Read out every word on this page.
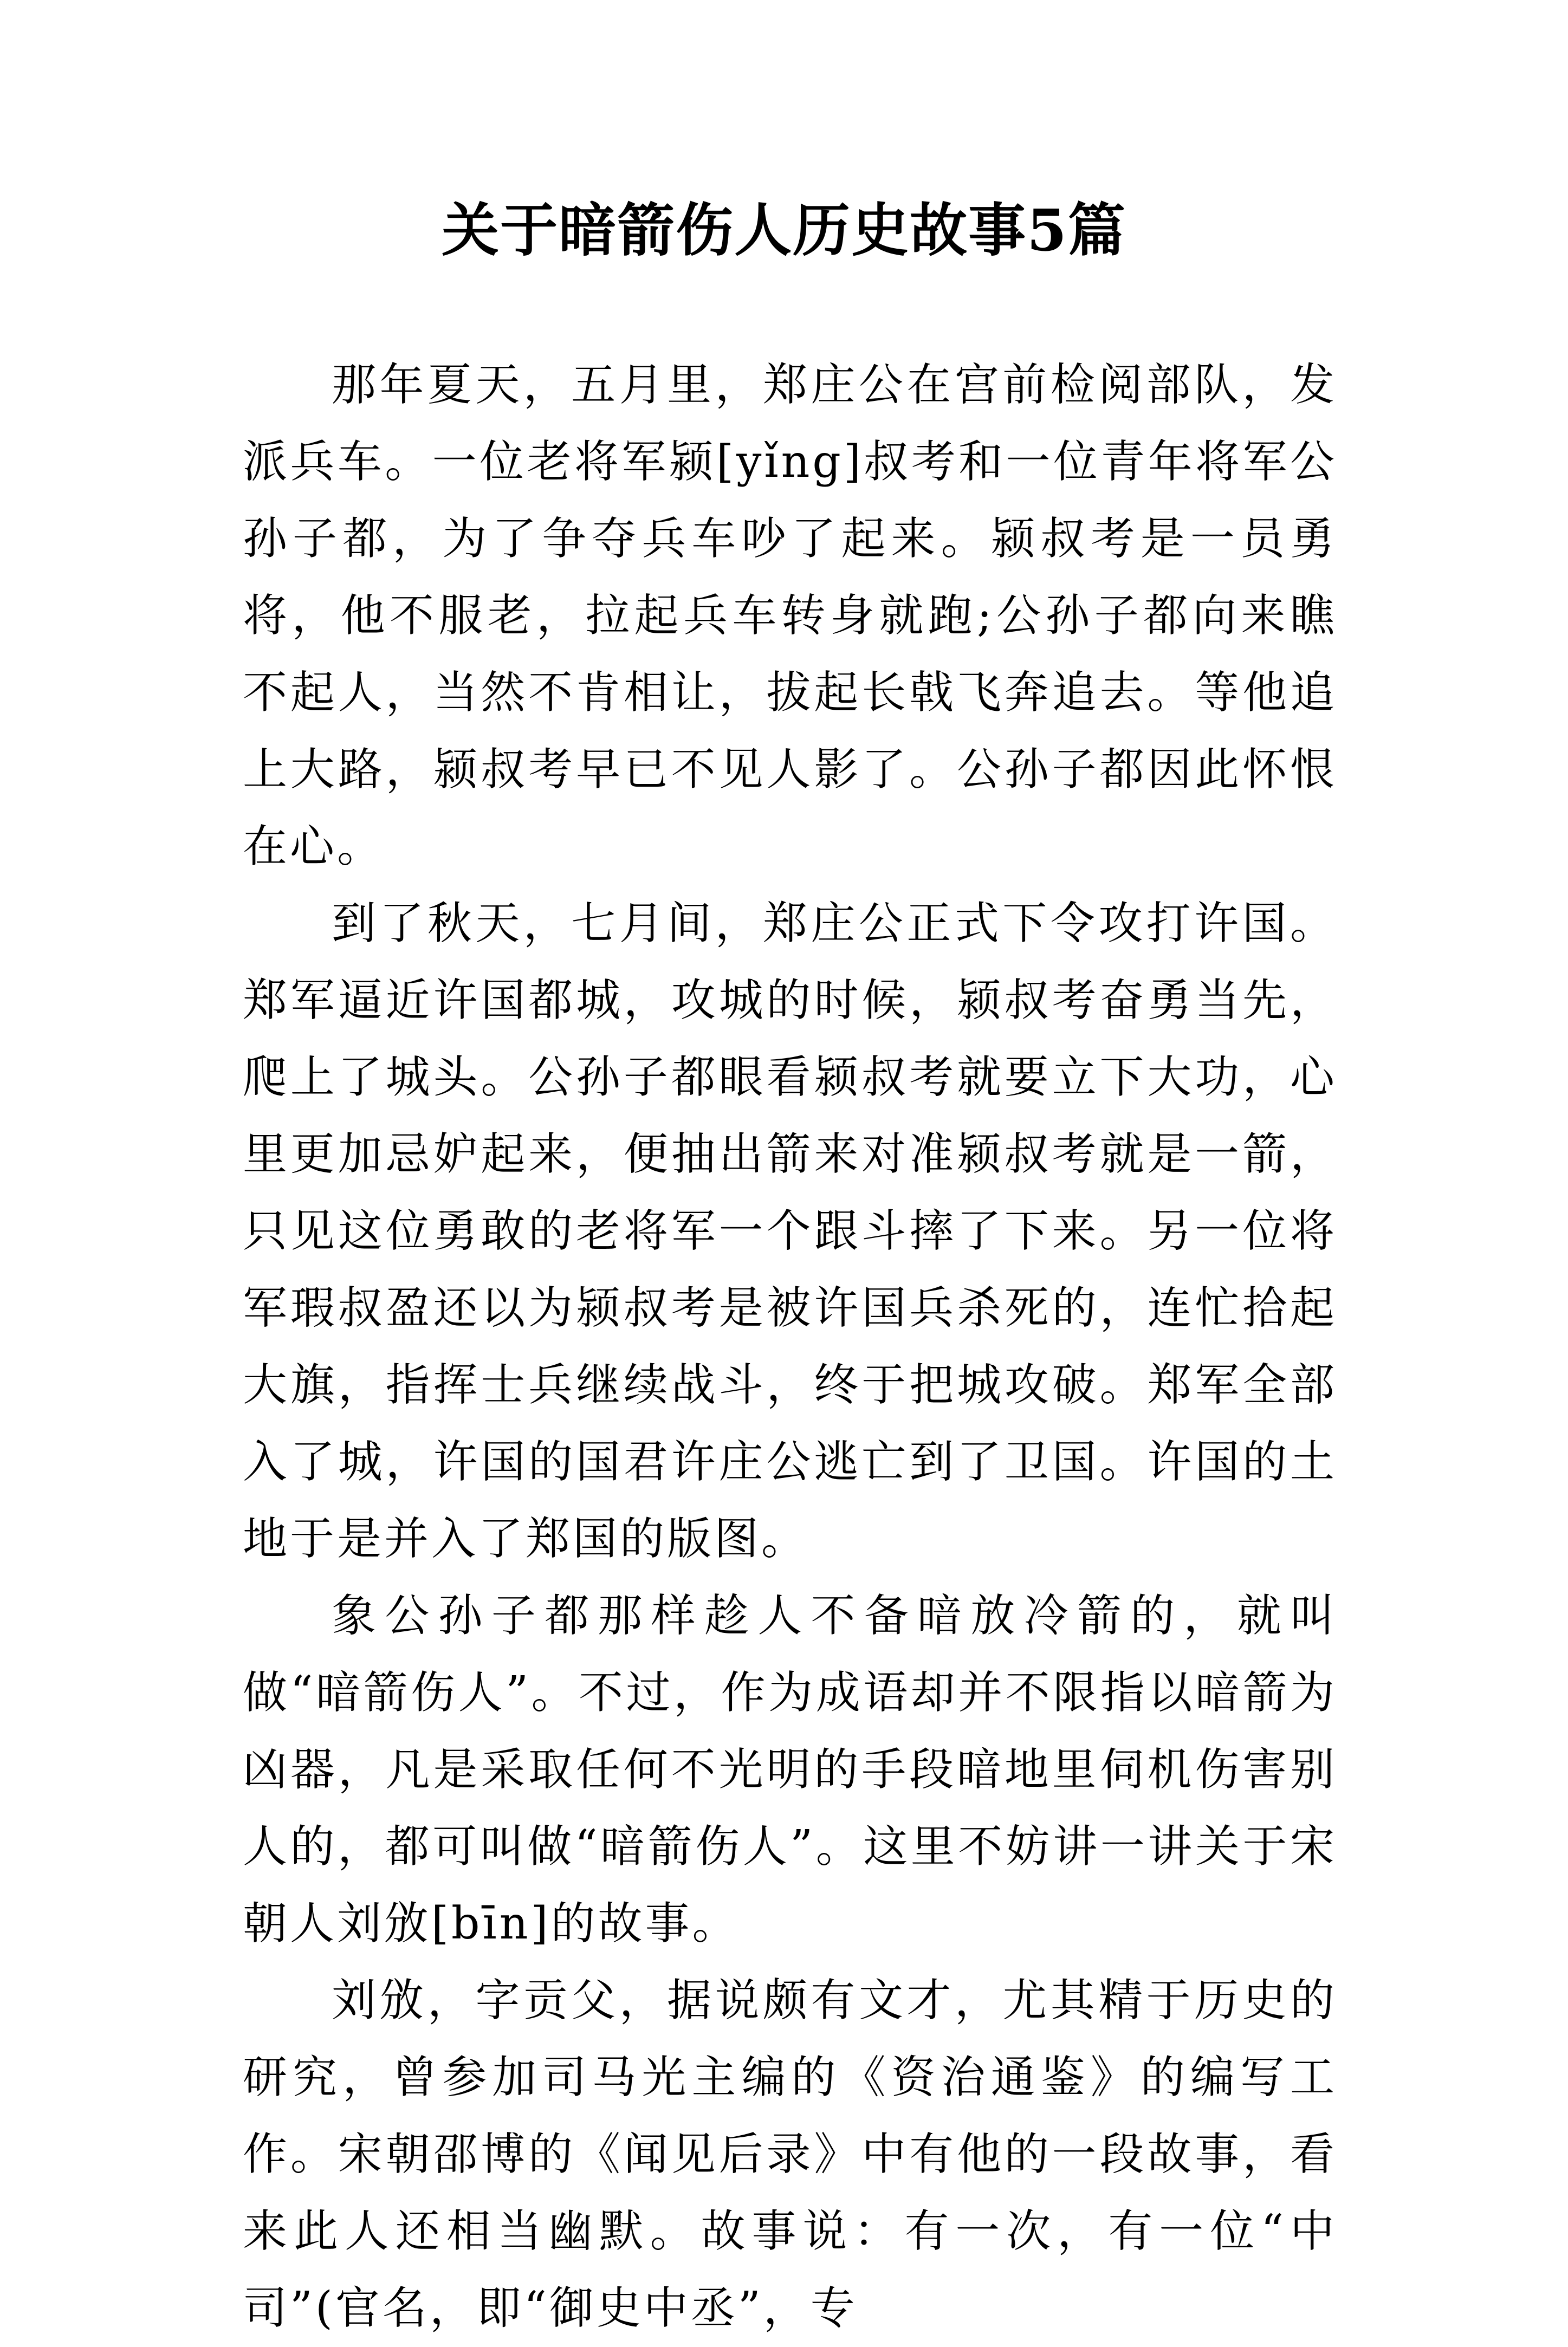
关于暗箭伤人历史故事5篇

那年夏天，五月里，郑庄公在宫前检阅部队，发派兵车。一位老将军颍[yǐng]叔考和一位青年将军公孙子都，为了争夺兵车吵了起来。颍叔考是一员勇将，他不服老，拉起兵车转身就跑;公孙子都向来瞧不起人，当然不肯相让，拔起长戟飞奔追去。等他追上大路，颍叔考早已不见人影了。公孙子都因此怀恨在心。

到了秋天，七月间，郑庄公正式下令攻打许国。郑军逼近许国都城，攻城的时候，颍叔考奋勇当先，爬上了城头。公孙子都眼看颍叔考就要立下大功，心里更加忌妒起来，便抽出箭来对准颍叔考就是一箭，只见这位勇敢的老将军一个跟斗摔了下来。另一位将军瑕叔盈还以为颍叔考是被许国兵杀死的，连忙拾起大旗，指挥士兵继续战斗，终于把城攻破。郑军全部入了城，许国的国君许庄公逃亡到了卫国。许国的土地于是并入了郑国的版图。

象公孙子都那样趁人不备暗放冷箭的，就叫做“暗箭伤人”。不过，作为成语却并不限指以暗箭为凶器，凡是采取任何不光明的手段暗地里伺机伤害别人的，都可叫做“暗箭伤人”。这里不妨讲一讲关于宋朝人刘攽[bīn]的故事。

刘攽，字贡父，据说颇有文才，尤其精于历史的研究，曾参加司马光主编的《资治通鉴》的编写工作。宋朝邵博的《闻见后录》中有他的一段故事，看来此人还相当幽默。故事说：有一次，有一位“中司”(官名，即“御史中丞”，专
